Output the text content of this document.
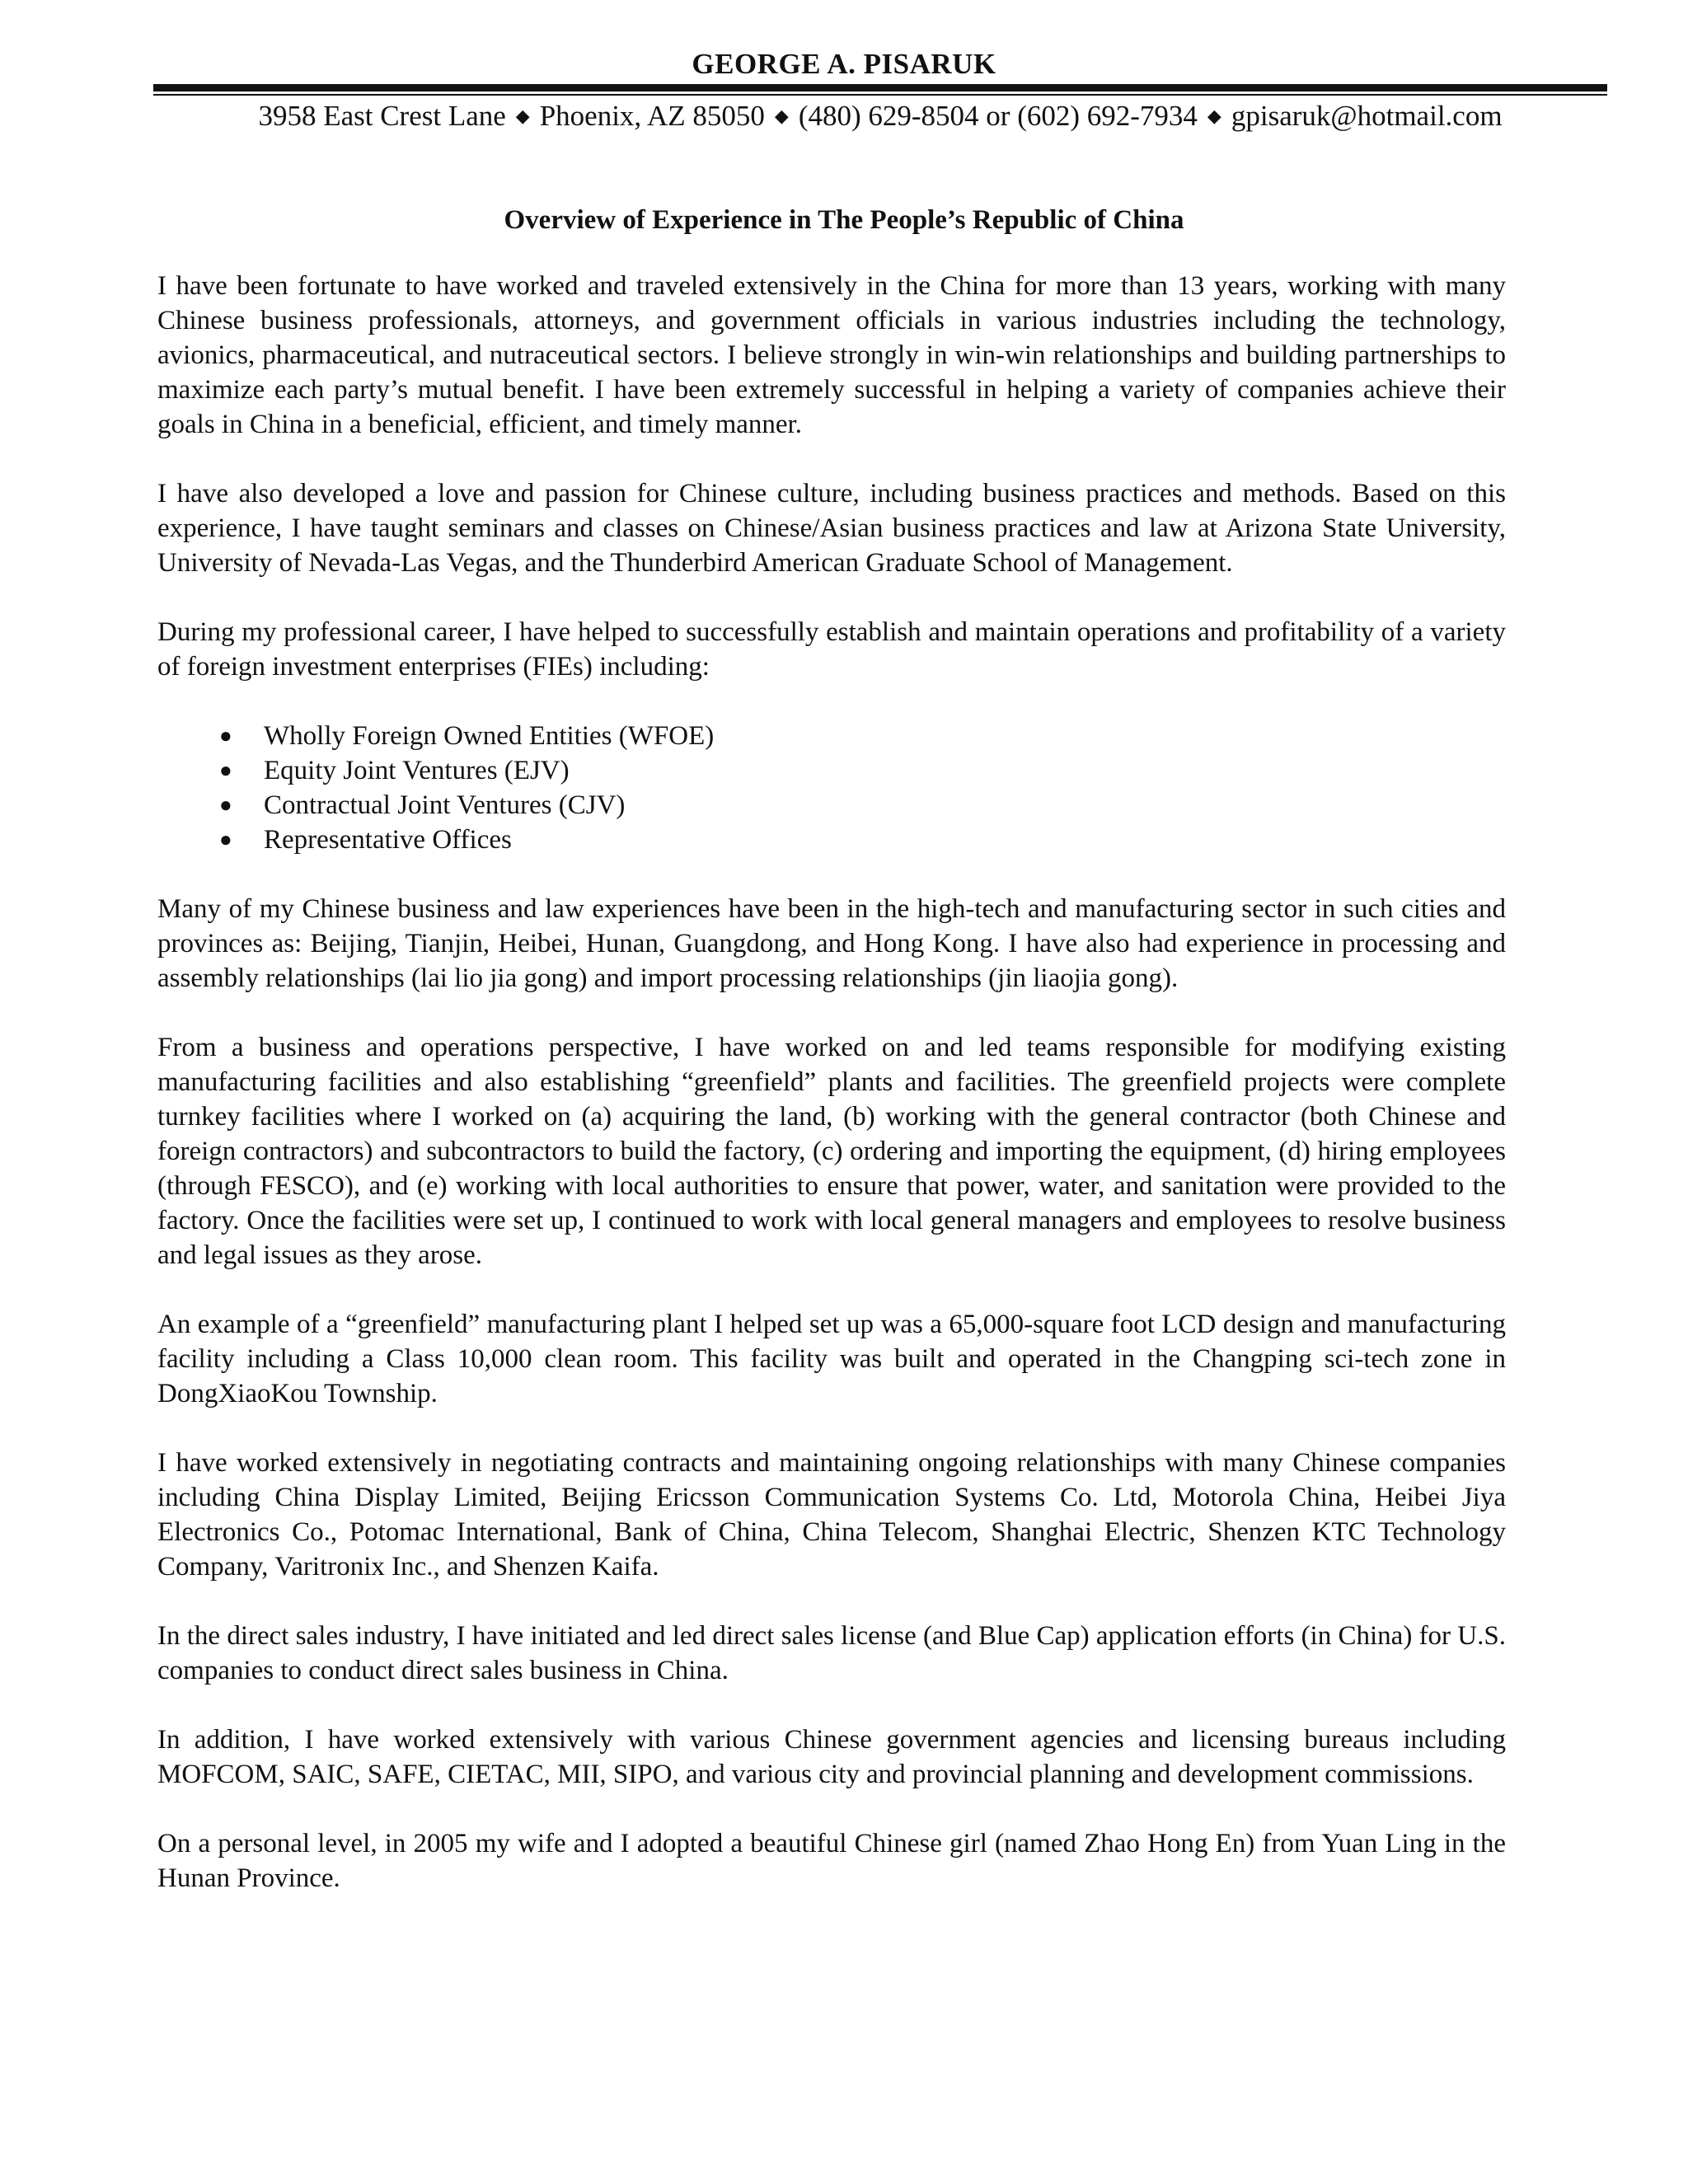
GEORGE A. PISARUK
3958 East Crest Lane ◆ Phoenix, AZ 85050 ◆ (480) 629-8504 or (602) 692-7934 ◆ gpisaruk@hotmail.com
Overview of Experience in The People’s Republic of China

I have been fortunate to have worked and traveled extensively in the China for more than 13 years, working with many Chinese business professionals, attorneys, and government officials in various industries including the technology, avionics, pharmaceutical, and nutraceutical sectors. I believe strongly in win-win relationships and building partnerships to maximize each party’s mutual benefit. I have been extremely successful in helping a variety of companies achieve their goals in China in a beneficial, efficient, and timely manner.

I have also developed a love and passion for Chinese culture, including business practices and methods. Based on this experience, I have taught seminars and classes on Chinese/Asian business practices and law at Arizona State University, University of Nevada-Las Vegas, and the Thunderbird American Graduate School of Management.

During my professional career, I have helped to successfully establish and maintain operations and profitability of a variety of foreign investment enterprises (FIEs) including:

● Wholly Foreign Owned Entities (WFOE)
● Equity Joint Ventures (EJV)
● Contractual Joint Ventures (CJV)
● Representative Offices

Many of my Chinese business and law experiences have been in the high-tech and manufacturing sector in such cities and provinces as: Beijing, Tianjin, Heibei, Hunan, Guangdong, and Hong Kong. I have also had experience in processing and assembly relationships (lai lio jia gong) and import processing relationships (jin liaojia gong).

From a business and operations perspective, I have worked on and led teams responsible for modifying existing manufacturing facilities and also establishing “greenfield” plants and facilities. The greenfield projects were complete turnkey facilities where I worked on (a) acquiring the land, (b) working with the general contractor (both Chinese and foreign contractors) and subcontractors to build the factory, (c) ordering and importing the equipment, (d) hiring employees (through FESCO), and (e) working with local authorities to ensure that power, water, and sanitation were provided to the factory. Once the facilities were set up, I continued to work with local general managers and employees to resolve business and legal issues as they arose.

An example of a “greenfield” manufacturing plant I helped set up was a 65,000-square foot LCD design and manufacturing facility including a Class 10,000 clean room. This facility was built and operated in the Changping sci-tech zone in DongXiaoKou Township.

I have worked extensively in negotiating contracts and maintaining ongoing relationships with many Chinese companies including China Display Limited, Beijing Ericsson Communication Systems Co. Ltd, Motorola China, Heibei Jiya Electronics Co., Potomac International, Bank of China, China Telecom, Shanghai Electric, Shenzen KTC Technology Company, Varitronix Inc., and Shenzen Kaifa.

In the direct sales industry, I have initiated and led direct sales license (and Blue Cap) application efforts (in China) for U.S. companies to conduct direct sales business in China.

In addition, I have worked extensively with various Chinese government agencies and licensing bureaus including MOFCOM, SAIC, SAFE, CIETAC, MII, SIPO, and various city and provincial planning and development commissions.

On a personal level, in 2005 my wife and I adopted a beautiful Chinese girl (named Zhao Hong En) from Yuan Ling in the Hunan Province.
